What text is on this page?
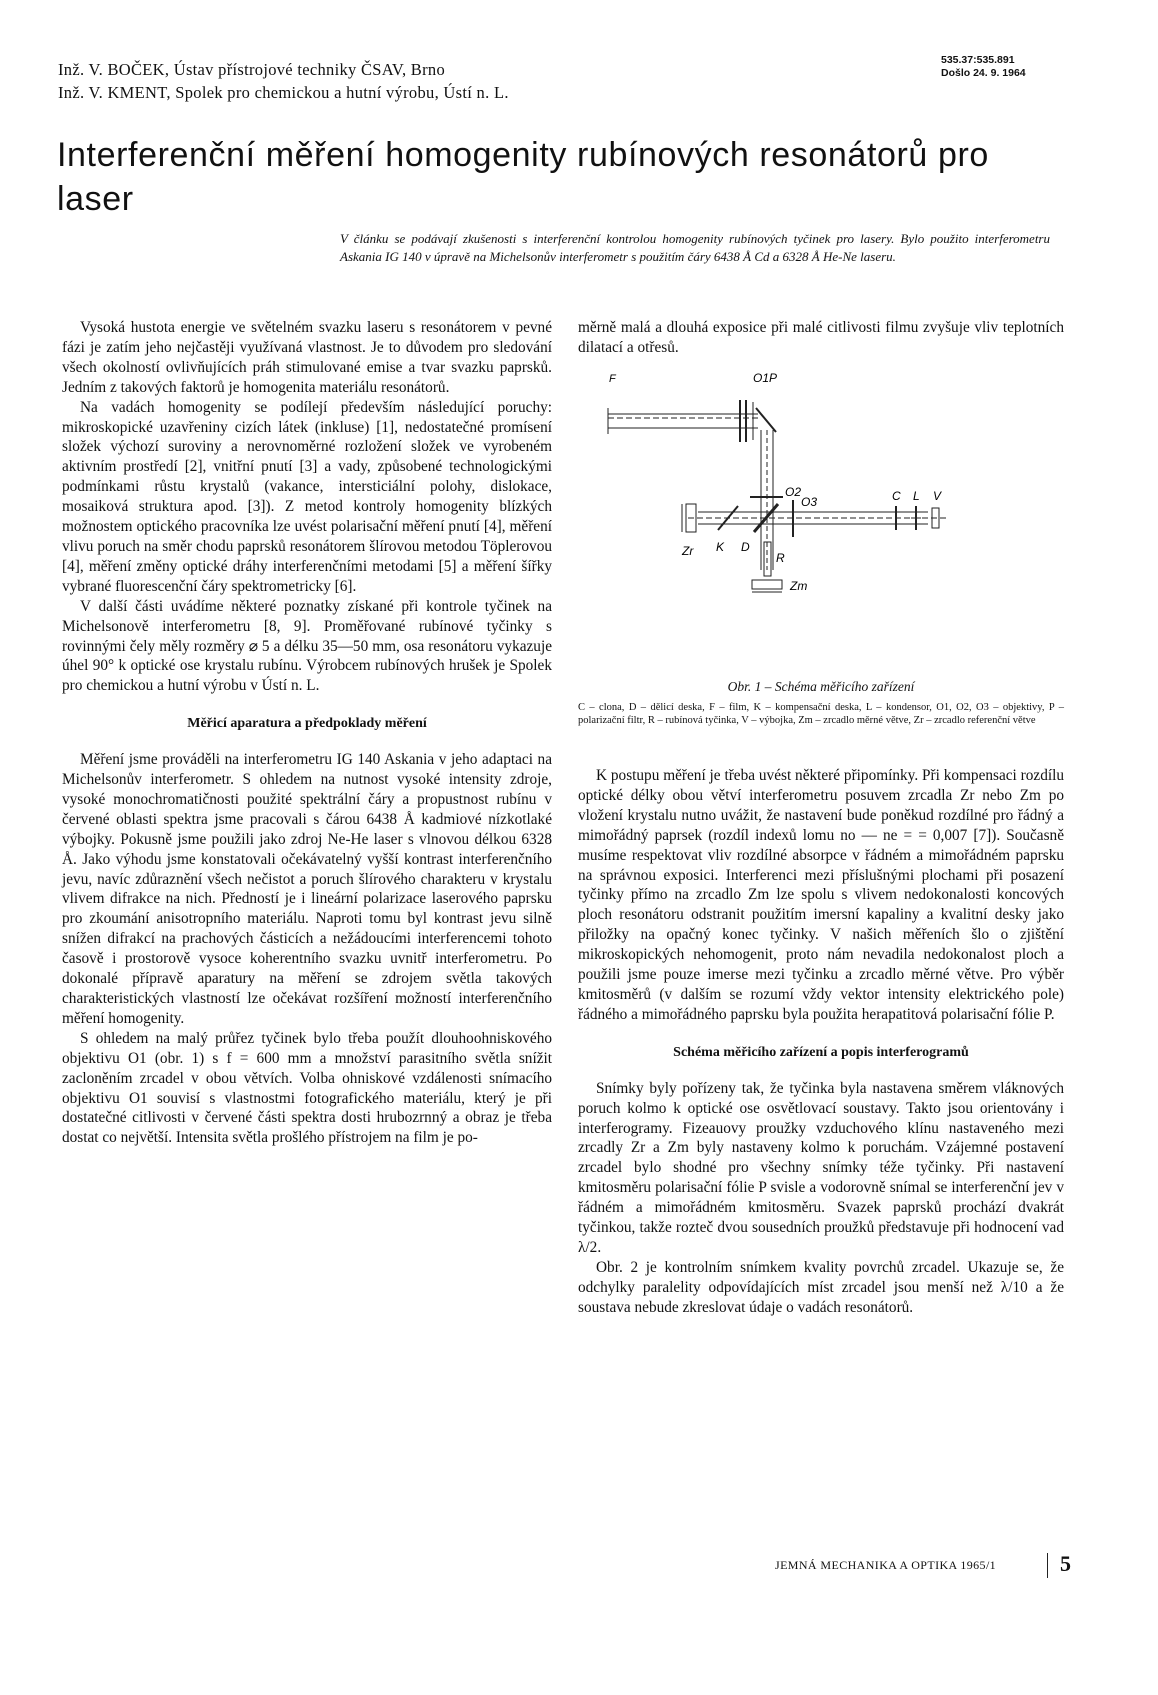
Inž. V. BOČEK, Ústav přístrojové techniky ČSAV, Brno
Inž. V. KMENT, Spolek pro chemickou a hutní výrobu, Ústí n. L.
535.37:535.891
Došlo 24. 9. 1964
Interferenční měření homogenity rubínových resonátorů pro laser
V článku se podávají zkušenosti s interferenční kontrolou homogenity rubínových tyčinek pro lasery. Bylo použito interferometru Askania IG 140 v úpravě na Michelsonův interferometr s použitím čáry 6438 Å Cd a 6328 Å He-Ne laseru.

Vysoká hustota energie ve světelném svazku laseru s resonátorem v pevné fázi je zatím jeho nejčastěji využívaná vlastnost. Je to důvodem pro sledování všech okolností ovlivňujících práh stimulované emise a tvar svazku paprsků. Jedním z takových faktorů je homogenita materiálu resonátorů.

Na vadách homogenity se podílejí především následující poruchy: mikroskopické uzavřeniny cizích látek (inkluse) [1], nedostatečné promísení složek výchozí suroviny a nerovnoměrné rozložení složek ve vyrobeném aktivním prostředí [2], vnitřní pnutí [3] a vady, způsobené technologickými podmínkami růstu krystalů (vakance, intersticiální polohy, dislokace, mosaiková struktura apod. [3]). Z metod kontroly homogenity blízkých možnostem optického pracovníka lze uvést polarisační měření pnutí [4], měření vlivu poruch na směr chodu paprsků resonátorem šlírovou metodou Töplerovou [4], měření změny optické dráhy interferenčními metodami [5] a měření šířky vybrané fluorescenční čáry spektrometricky [6].

V další části uvádíme některé poznatky získané při kontrole tyčinek na Michelsonově interferometru [8, 9]. Proměřované rubínové tyčinky s rovinnými čely měly rozměry ⌀ 5 a délku 35—50 mm, osa resonátoru vykazuje úhel 90° k optické ose krystalu rubínu. Výrobcem rubínových hrušek je Spolek pro chemickou a hutní výrobu v Ústí n. L.

Měřicí aparatura a předpoklady měření

Měření jsme prováděli na interferometru IG 140 Askania v jeho adaptaci na Michelsonův interferometr. S ohledem na nutnost vysoké intensity zdroje, vysoké monochromatičnosti použité spektrální čáry a propustnost rubínu v červené oblasti spektra jsme pracovali s čárou 6438 Å kadmiové nízkotlaké výbojky. Pokusně jsme použili jako zdroj Ne-He laser s vlnovou délkou 6328 Å. Jako výhodu jsme konstatovali očekávatelný vyšší kontrast interferenčního jevu, navíc zdůraznění všech nečistot a poruch šlírového charakteru v krystalu vlivem difrakce na nich. Předností je i lineární polarizace laserového paprsku pro zkoumání anisotropního materiálu. Naproti tomu byl kontrast jevu silně snížen difrakcí na prachových částicích a nežádoucími interferencemi tohoto časově i prostorově vysoce koherentního svazku uvnitř interferometru. Po dokonalé přípravě aparatury na měření se zdrojem světla takových charakteristických vlastností lze očekávat rozšíření možností interferenčního měření homogenity.

S ohledem na malý průřez tyčinek bylo třeba použít dlouhoohniskového objektivu O1 (obr. 1) s f = 600 mm a množství parasitního světla snížit zacloněním zrcadel v obou větvích. Volba ohniskové vzdálenosti snímacího objektivu O1 souvisí s vlastnostmi fotografického materiálu, který je při dostatečné citlivosti v červené části spektra dosti hrubozrnný a obraz je třeba dostat co největší. Intensita světla prošlého přístrojem na film je po-

měrně malá a dlouhá exposice při malé citlivosti filmu zvyšuje vliv teplotních dilatací a otřesů.

F	O1P
O2
O3	C L V
Zr K D
R
Zm
Obr. 1 – Schéma měřicího zařízení
C – clona, D – dělicí deska, F – film, K – kompensační deska, L – kondensor, O1, O2, O3 – objektivy, P – polarizační filtr, R – rubínová tyčinka, V – výbojka, Zm – zrcadlo měrné větve, Zr – zrcadlo referenční větve

K postupu měření je třeba uvést některé připomínky. Při kompensaci rozdílu optické délky obou větví interferometru posuvem zrcadla Zr nebo Zm po vložení krystalu nutno uvážit, že nastavení bude poněkud rozdílné pro řádný a mimořádný paprsek (rozdíl indexů lomu no — ne = = 0,007 [7]). Současně musíme respektovat vliv rozdílné absorpce v řádném a mimořádném paprsku na správnou exposici. Interferenci mezi příslušnými plochami při posazení tyčinky přímo na zrcadlo Zm lze spolu s vlivem nedokonalosti koncových ploch resonátoru odstranit použitím imersní kapaliny a kvalitní desky jako přiložky na opačný konec tyčinky. V našich měřeních šlo o zjištění mikroskopických nehomogenit, proto nám nevadila nedokonalost ploch a použili jsme pouze imerse mezi tyčinku a zrcadlo měrné větve. Pro výběr kmitosměrů (v dalším se rozumí vždy vektor intensity elektrického pole) řádného a mimořádného paprsku byla použita herapatitová polarisační fólie P.

Schéma měřicího zařízení a popis interferogramů

Snímky byly pořízeny tak, že tyčinka byla nastavena směrem vláknových poruch kolmo k optické ose osvětlovací soustavy. Takto jsou orientovány i interferogramy. Fizeauovy proužky vzduchového klínu nastaveného mezi zrcadly Zr a Zm byly nastaveny kolmo k poruchám. Vzájemné postavení zrcadel bylo shodné pro všechny snímky téže tyčinky. Při nastavení kmitosměru polarisační fólie P svisle a vodorovně snímal se interferenční jev v řádném a mimořádném kmitosměru. Svazek paprsků prochází dvakrát tyčinkou, takže rozteč dvou sousedních proužků představuje při hodnocení vad λ/2.

Obr. 2 je kontrolním snímkem kvality povrchů zrcadel. Ukazuje se, že odchylky paralelity odpovídajících míst zrcadel jsou menší než λ/10 a že soustava nebude zkreslovat údaje o vadách resonátorů.

JEMNÁ MECHANIKA A OPTIKA 1965/1	5
